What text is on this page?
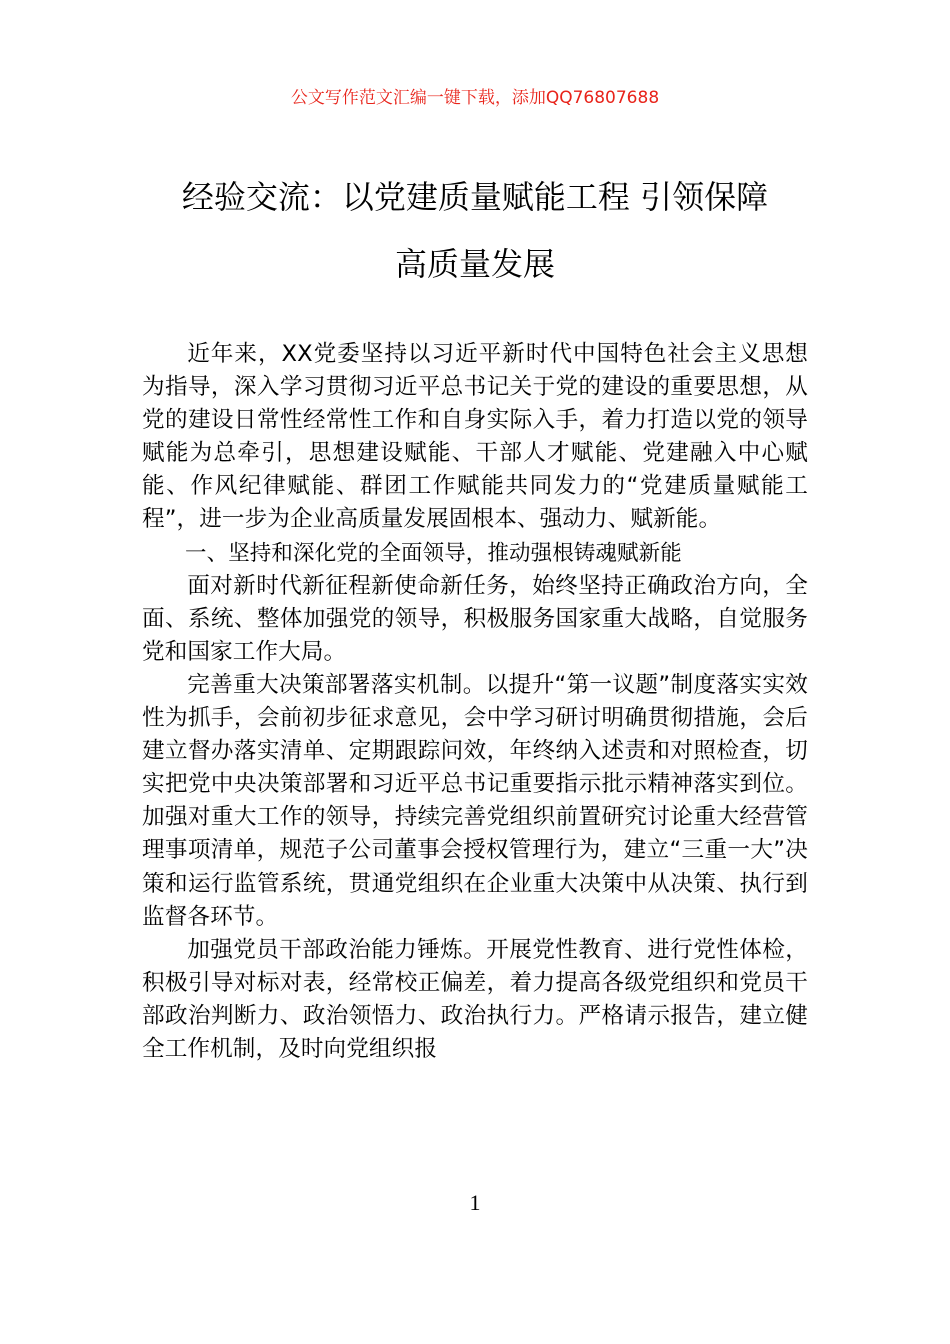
公文写作范文汇编一键下载，添加QQ76807688
经验交流：以党建质量赋能工程 引领保障
高质量发展

近年来，XX党委坚持以习近平新时代中国特色社会主义思想为指导，深入学习贯彻习近平总书记关于党的建设的重要思想，从党的建设日常性经常性工作和自身实际入手，着力打造以党的领导赋能为总牵引，思想建设赋能、干部人才赋能、党建融入中心赋能、作风纪律赋能、群团工作赋能共同发力的“党建质量赋能工程”，进一步为企业高质量发展固根本、强动力、赋新能。

一、坚持和深化党的全面领导，推动强根铸魂赋新能

面对新时代新征程新使命新任务，始终坚持正确政治方向，全面、系统、整体加强党的领导，积极服务国家重大战略，自觉服务党和国家工作大局。

完善重大决策部署落实机制。以提升“第一议题”制度落实实效性为抓手，会前初步征求意见，会中学习研讨明确贯彻措施，会后建立督办落实清单、定期跟踪问效，年终纳入述责和对照检查，切实把党中央决策部署和习近平总书记重要指示批示精神落实到位。加强对重大工作的领导，持续完善党组织前置研究讨论重大经营管理事项清单，规范子公司董事会授权管理行为，建立“三重一大”决策和运行监管系统，贯通党组织在企业重大决策中从决策、执行到监督各环节。

加强党员干部政治能力锤炼。开展党性教育、进行党性体检，积极引导对标对表，经常校正偏差，着力提高各级党组织和党员干部政治判断力、政治领悟力、政治执行力。严格请示报告，建立健全工作机制，及时向党组织报

1
